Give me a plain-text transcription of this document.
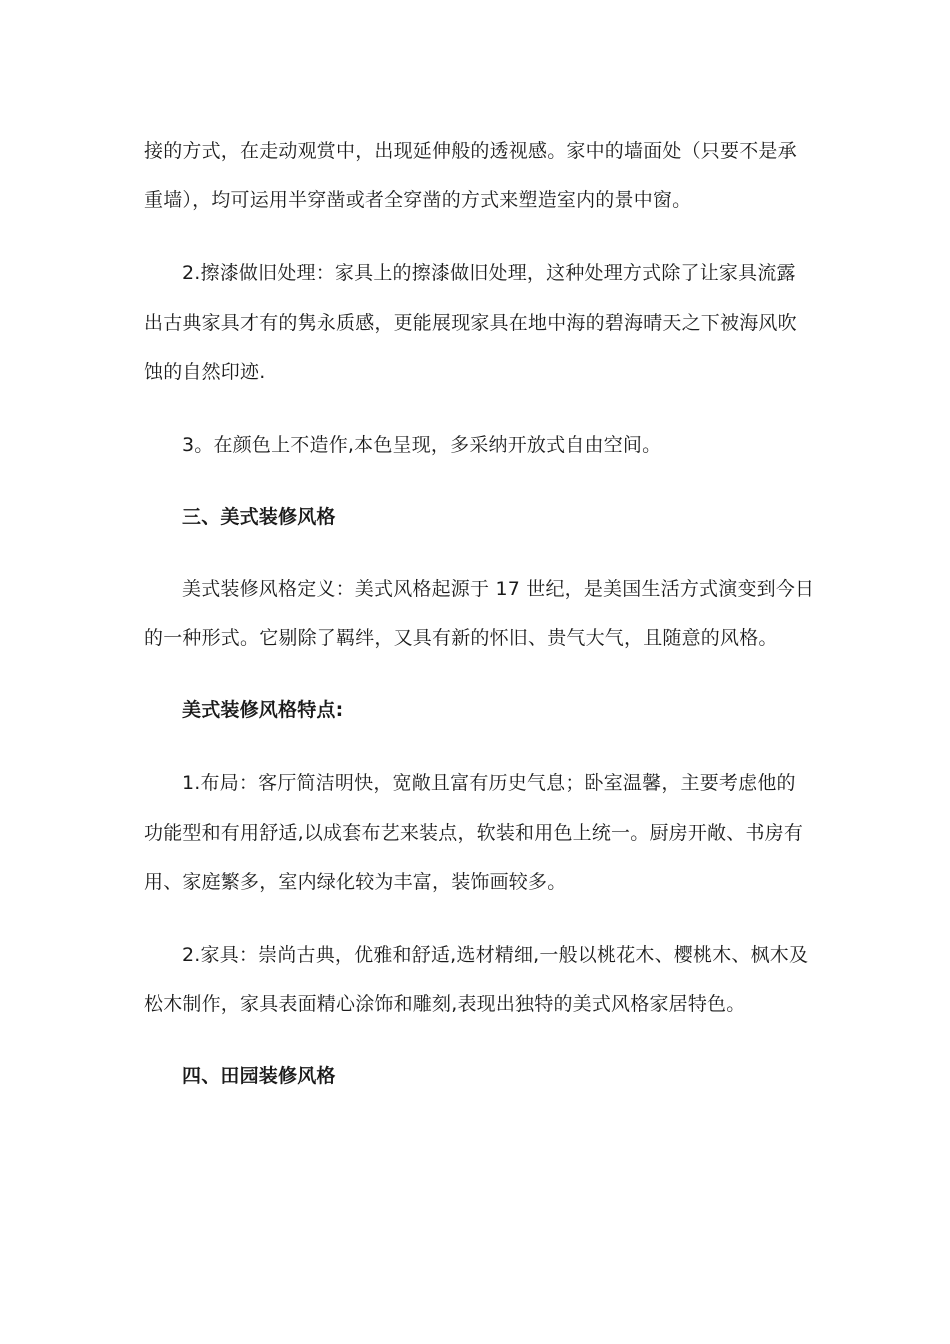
接的方式，在走动观赏中，出现延伸般的透视感。家中的墙面处（只要不是承
重墙），均可运用半穿凿或者全穿凿的方式来塑造室内的景中窗。
2.擦漆做旧处理：家具上的擦漆做旧处理，这种处理方式除了让家具流露
出古典家具才有的隽永质感，更能展现家具在地中海的碧海晴天之下被海风吹
蚀的自然印迹.
3。在颜色上不造作,本色呈现，多采纳开放式自由空间。
三、美式装修风格
美式装修风格定义：美式风格起源于 17 世纪，是美国生活方式演变到今日
的一种形式。它剔除了羁绊，又具有新的怀旧、贵气大气，且随意的风格。
美式装修风格特点:
1.布局：客厅简洁明快，宽敞且富有历史气息；卧室温馨，主要考虑他的
功能型和有用舒适,以成套布艺来装点，软装和用色上统一。厨房开敞、书房有
用、家庭繁多，室内绿化较为丰富，装饰画较多。
2.家具：崇尚古典，优雅和舒适,选材精细,一般以桃花木、樱桃木、枫木及
松木制作，家具表面精心涂饰和雕刻,表现出独特的美式风格家居特色。
四、田园装修风格
